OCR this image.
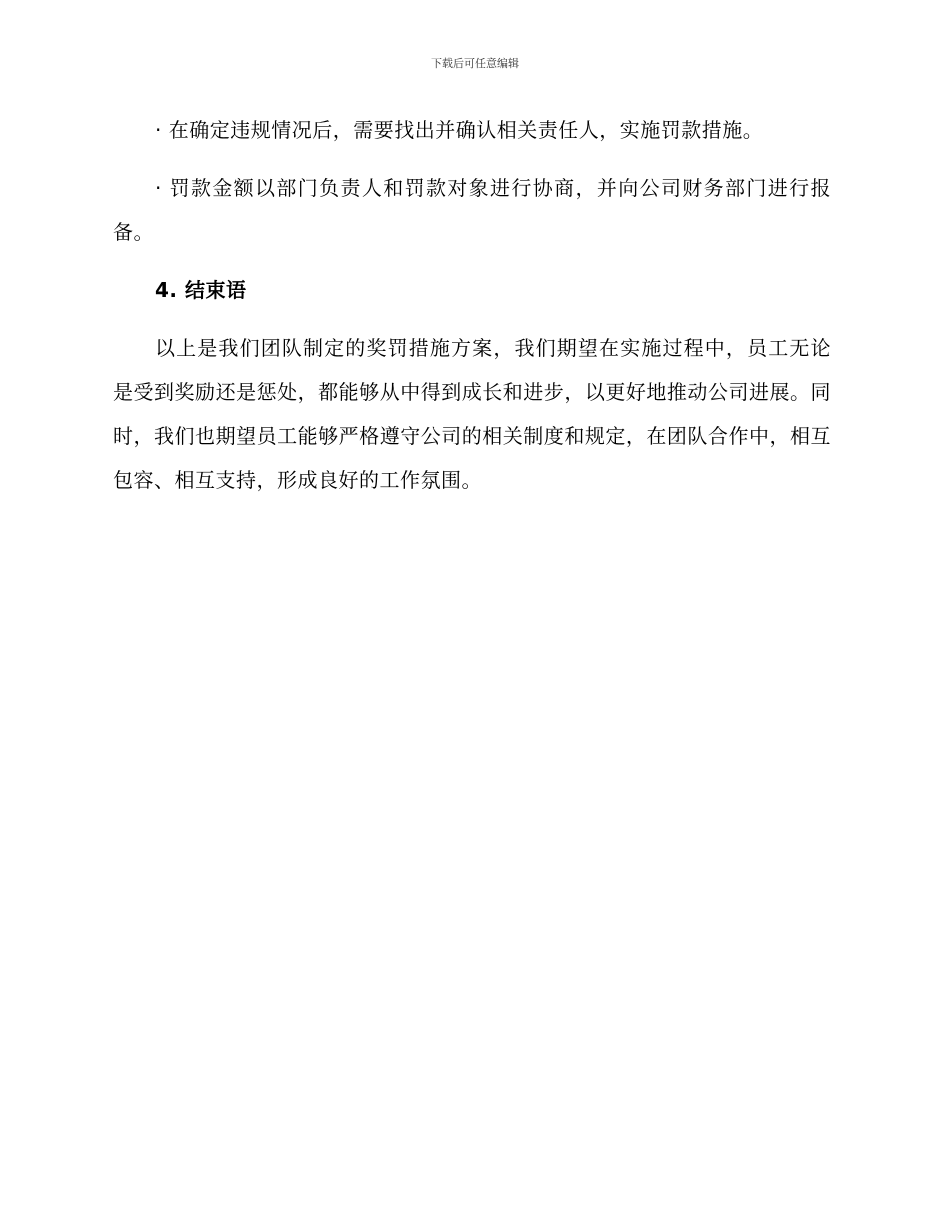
下载后可任意编辑

· 在确定违规情况后，需要找出并确认相关责任人，实施罚款措施。

· 罚款金额以部门负责人和罚款对象进行协商，并向公司财务部门进行报备。

4. 结束语

以上是我们团队制定的奖罚措施方案，我们期望在实施过程中，员工无论是受到奖励还是惩处，都能够从中得到成长和进步，以更好地推动公司进展。同时，我们也期望员工能够严格遵守公司的相关制度和规定，在团队合作中，相互包容、相互支持，形成良好的工作氛围。
